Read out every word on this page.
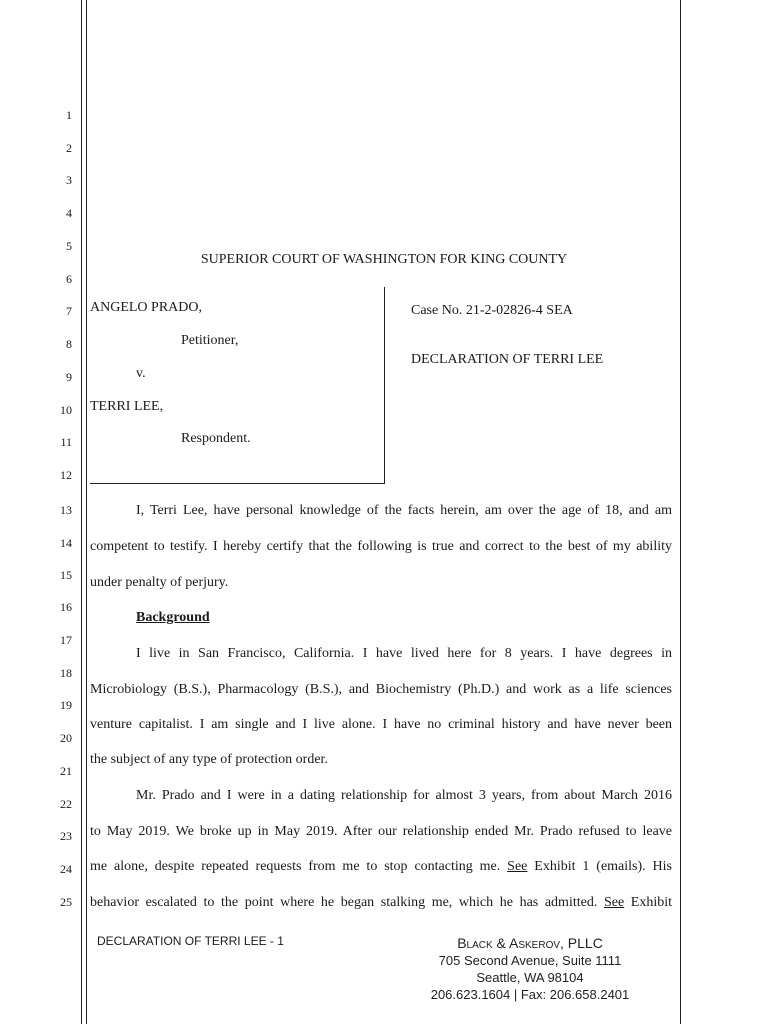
1
2
3
4
5
6
7
8
9
10
11
12
13
14
15
16
17
18
19
20
21
22
23
24
25
SUPERIOR COURT OF WASHINGTON FOR KING COUNTY
ANGELO PRADO,
Petitioner,
v.
TERRI LEE,
Respondent.
Case No. 21-2-02826-4 SEA
DECLARATION OF TERRI LEE
I, Terri Lee, have personal knowledge of the facts herein, am over the age of 18, and am
competent to testify. I hereby certify that the following is true and correct to the best of my ability
under penalty of perjury.
Background
I live in San Francisco, California. I have lived here for 8 years. I have degrees in
Microbiology (B.S.), Pharmacology (B.S.), and Biochemistry (Ph.D.) and work as a life sciences
venture capitalist. I am single and I live alone. I have no criminal history and have never been
the subject of any type of protection order.
Mr. Prado and I were in a dating relationship for almost 3 years, from about March 2016
to May 2019. We broke up in May 2019. After our relationship ended Mr. Prado refused to leave
me alone, despite repeated requests from me to stop contacting me. See Exhibit 1 (emails). His
behavior escalated to the point where he began stalking me, which he has admitted. See Exhibit
DECLARATION OF TERRI LEE - 1	Black & Askerov, PLLC
705 Second Avenue, Suite 1111
Seattle, WA 98104
206.623.1604 | Fax: 206.658.2401
